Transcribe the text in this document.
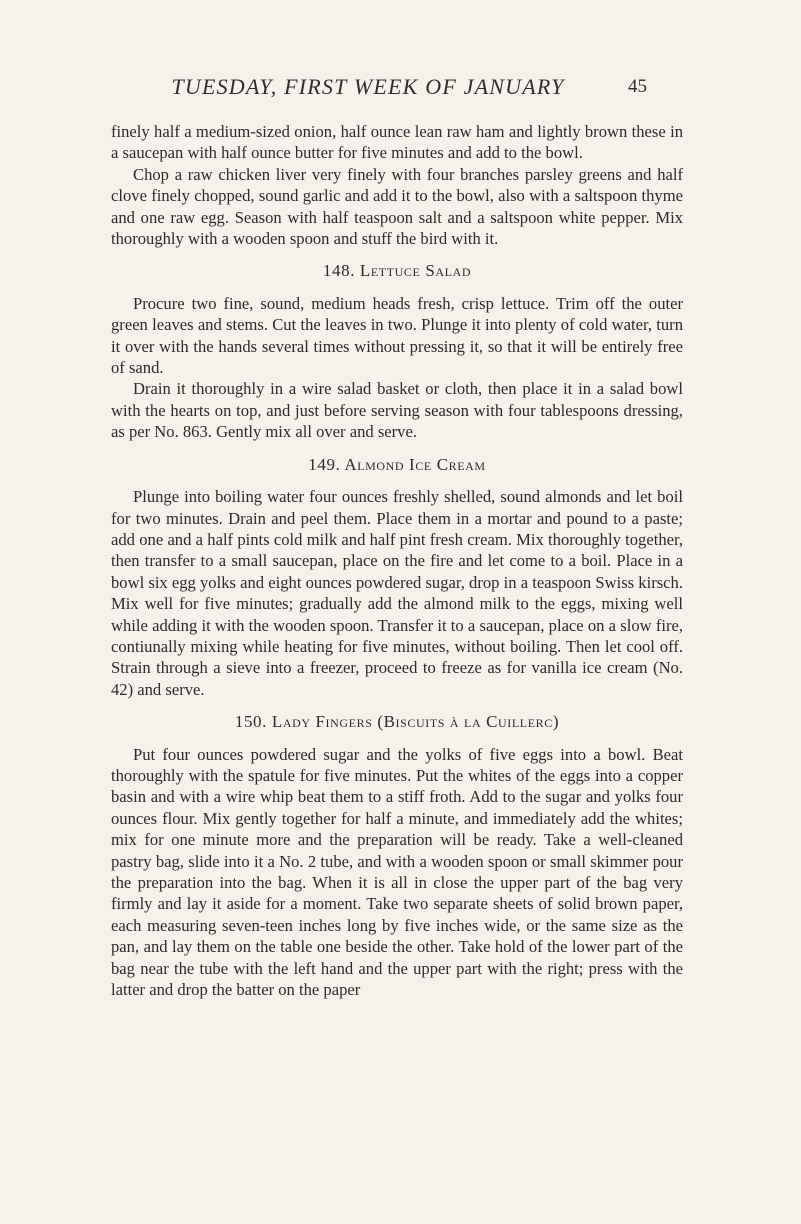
TUESDAY, FIRST WEEK OF JANUARY	45

finely half a medium-sized onion, half ounce lean raw ham and lightly brown these in a saucepan with half ounce butter for five minutes and add to the bowl.

Chop a raw chicken liver very finely with four branches parsley greens and half clove finely chopped, sound garlic and add it to the bowl, also with a saltspoon thyme and one raw egg. Season with half teaspoon salt and a saltspoon white pepper. Mix thoroughly with a wooden spoon and stuff the bird with it.

148. Lettuce Salad

Procure two fine, sound, medium heads fresh, crisp lettuce. Trim off the outer green leaves and stems. Cut the leaves in two. Plunge it into plenty of cold water, turn it over with the hands several times without pressing it, so that it will be entirely free of sand.

Drain it thoroughly in a wire salad basket or cloth, then place it in a salad bowl with the hearts on top, and just before serving season with four tablespoons dressing, as per No. 863. Gently mix all over and serve.

149. Almond Ice Cream

Plunge into boiling water four ounces freshly shelled, sound almonds and let boil for two minutes. Drain and peel them. Place them in a mortar and pound to a paste; add one and a half pints cold milk and half pint fresh cream. Mix thoroughly together, then transfer to a small saucepan, place on the fire and let come to a boil. Place in a bowl six egg yolks and eight ounces powdered sugar, drop in a teaspoon Swiss kirsch. Mix well for five minutes; gradually add the almond milk to the eggs, mixing well while adding it with the wooden spoon. Transfer it to a saucepan, place on a slow fire, contiunally mixing while heating for five minutes, without boiling. Then let cool off. Strain through a sieve into a freezer, proceed to freeze as for vanilla ice cream (No. 42) and serve.

150. Lady Fingers (Biscuits à la Cuillerc)

Put four ounces powdered sugar and the yolks of five eggs into a bowl. Beat thoroughly with the spatule for five minutes. Put the whites of the eggs into a copper basin and with a wire whip beat them to a stiff froth. Add to the sugar and yolks four ounces flour. Mix gently together for half a minute, and immediately add the whites; mix for one minute more and the preparation will be ready. Take a well-cleaned pastry bag, slide into it a No. 2 tube, and with a wooden spoon or small skimmer pour the preparation into the bag. When it is all in close the upper part of the bag very firmly and lay it aside for a moment. Take two separate sheets of solid brown paper, each measuring seven-teen inches long by five inches wide, or the same size as the pan, and lay them on the table one beside the other. Take hold of the lower part of the bag near the tube with the left hand and the upper part with the right; press with the latter and drop the batter on the paper
